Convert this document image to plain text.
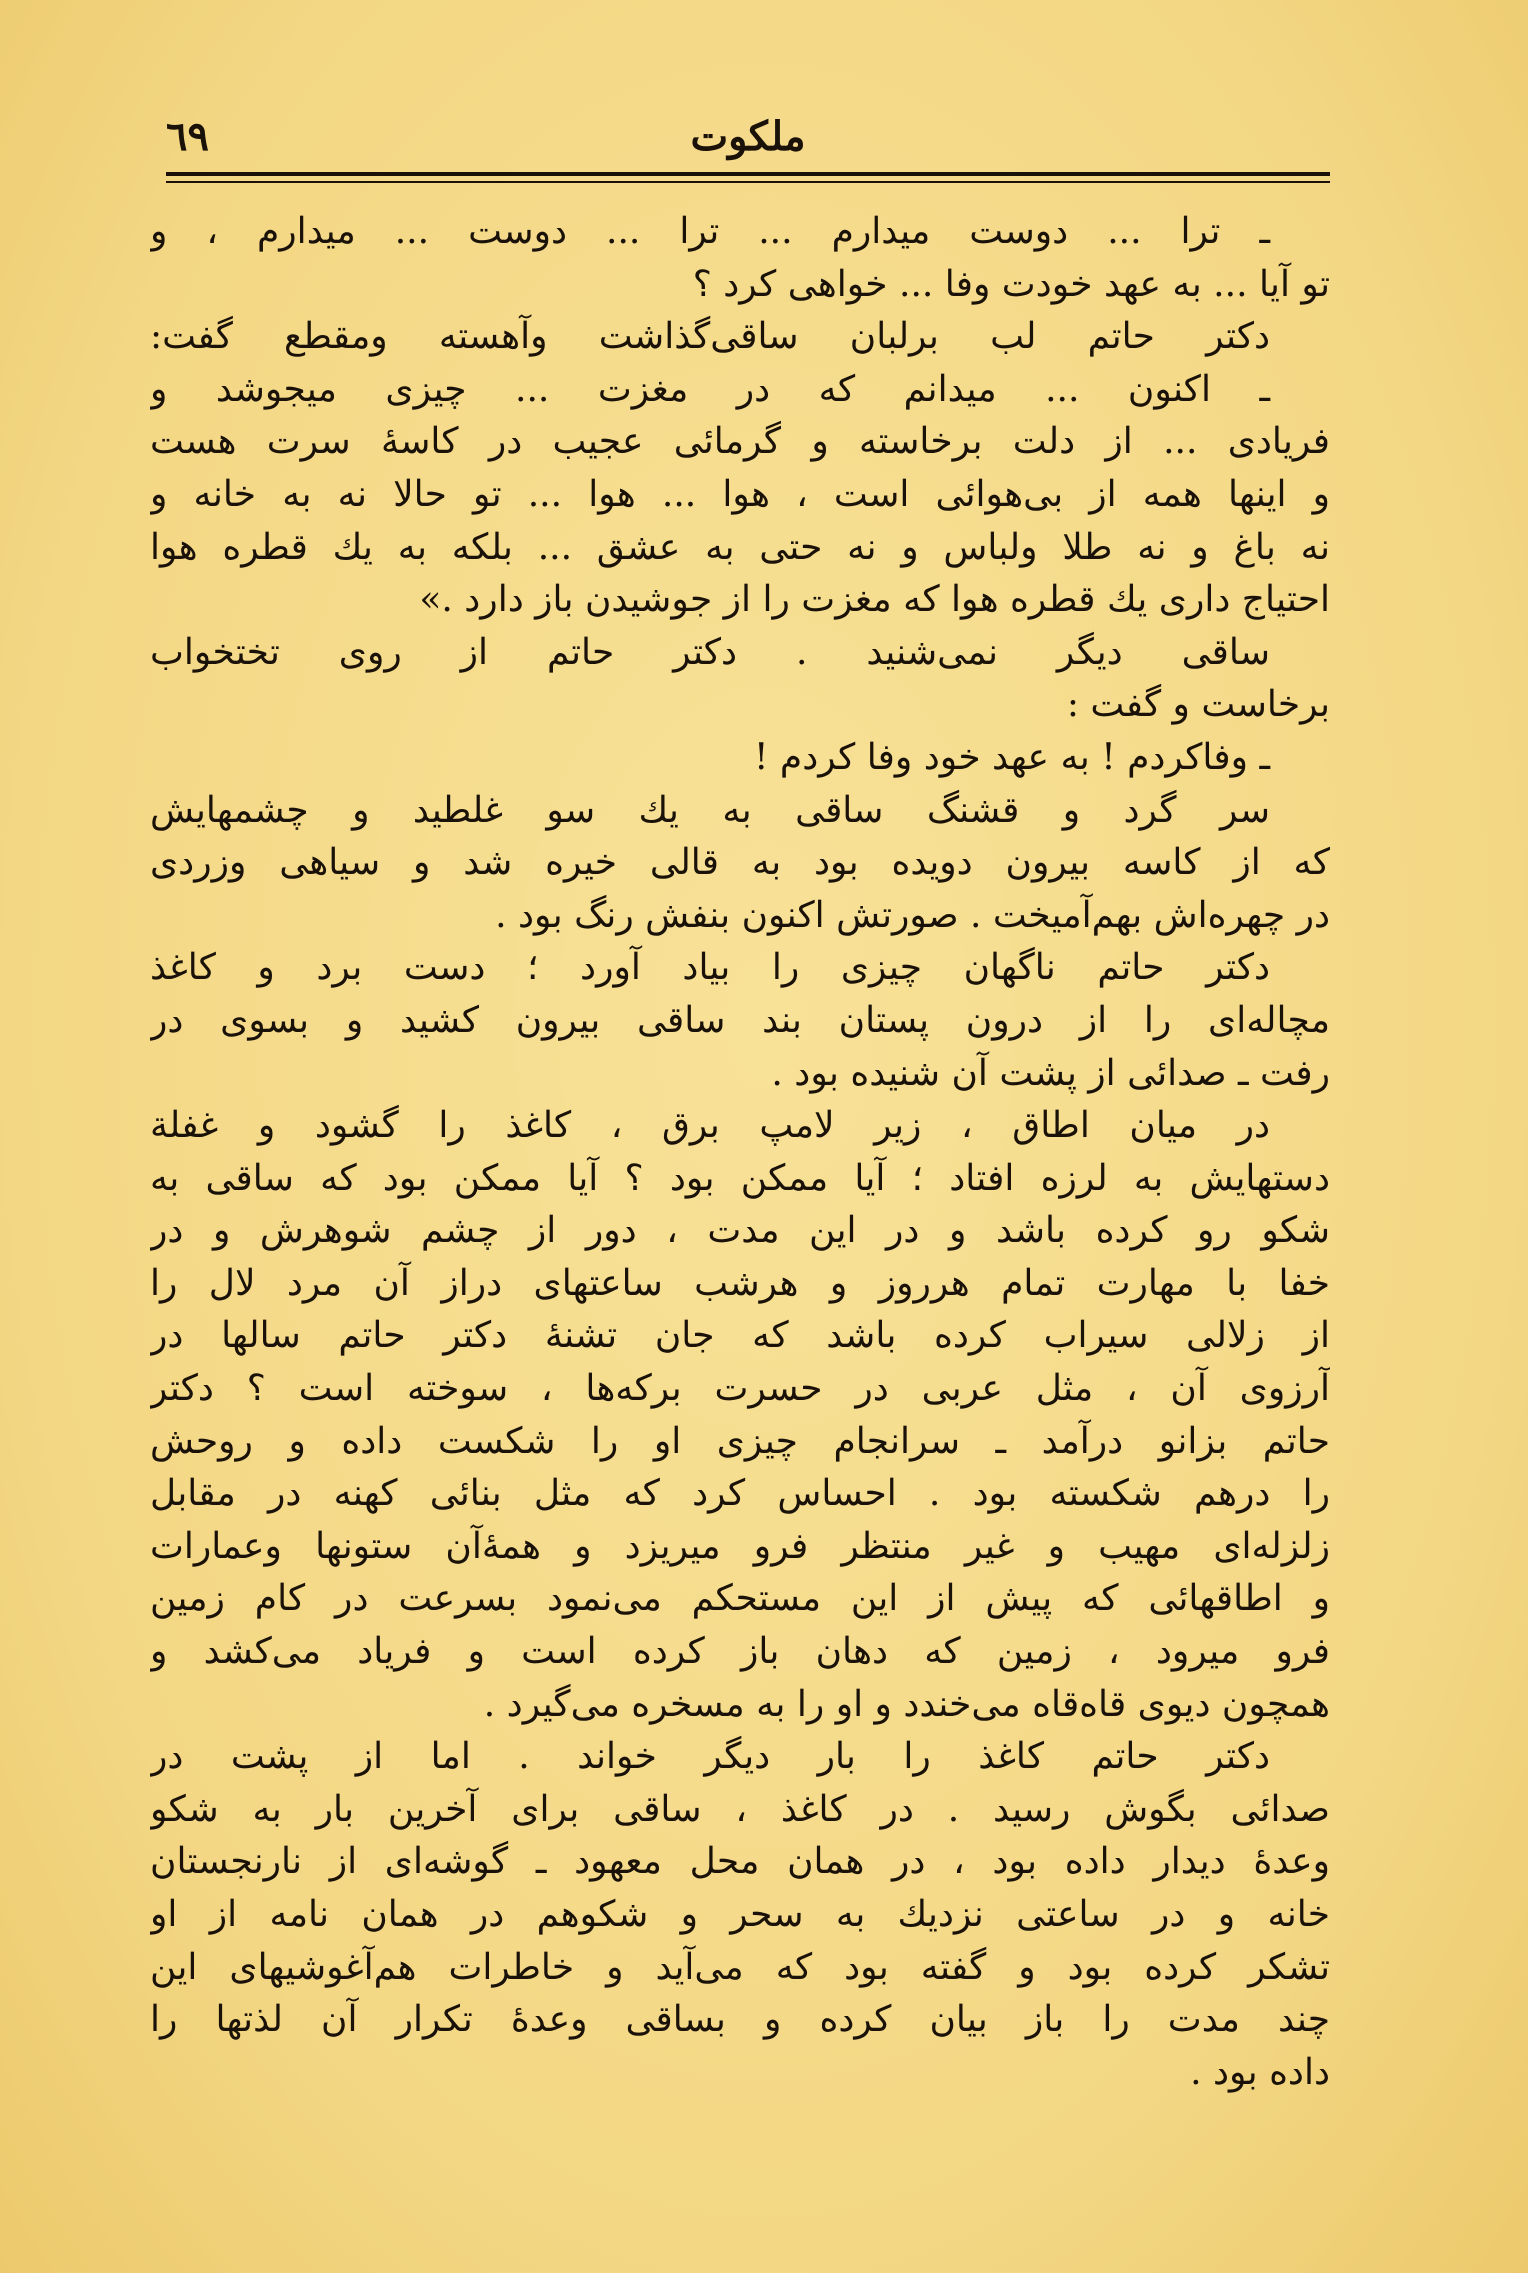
٦٩	ملکوت
ـ ترا ... دوست میدارم ... ترا ... دوست ... میدارم ، و
تو آیا ... به عهد خودت وفا ... خواهی کرد ؟
دکتر حاتم لب برلبان ساقی‌گذاشت وآهسته ومقطع گفت:
ـ اکنون ... میدانم که در مغزت ... چیزی میجوشد و
فریادی ... از دلت برخاسته و گرمائی عجیب در کاسهٔ سرت هست
و اینها همه از بی‌هوائی است ، هوا ... هوا ... تو حالا نه به خانه و
نه باغ و نه طلا ولباس و نه حتی به عشق ... بلکه به یك قطره هوا
احتیاج داری یك قطره هوا که مغزت را از جوشیدن باز دارد .»
ساقی دیگر نمی‌شنید . دکتر حاتم از روی تختخواب
برخاست و گفت :
ـ وفاکردم ! به عهد خود وفا کردم !
سر گرد و قشنگ ساقی به یك سو غلطید و چشمهایش
که از کاسه بیرون دویده بود به قالی خیره شد و سیاهی وزردی
در چهره‌اش بهم‌آمیخت . صورتش اکنون بنفش رنگ بود .
دکتر حاتم ناگهان چیزی را بیاد آورد ؛ دست برد و کاغذ
مچاله‌ای را از درون پستان بند ساقی بیرون کشید و بسوی در
رفت ـ صدائی از پشت آن شنیده بود .
در میان اطاق ، زیر لامپ برق ، کاغذ را گشود و غفلة
دستهایش به لرزه افتاد ؛ آیا ممکن بود ؟ آیا ممکن بود که ساقی به
شکو رو کرده باشد و در این مدت ، دور از چشم شوهرش و در
خفا با مهارت تمام هرروز و هرشب ساعتهای دراز آن مرد لال را
از زلالی سیراب کرده باشد که جان تشنهٔ دکتر حاتم سالها در
آرزوی آن ، مثل عربی در حسرت برکه‌ها ، سوخته است ؟ دکتر
حاتم بزانو درآمد ـ سرانجام چیزی او را شکست داده و روحش
را درهم شکسته بود . احساس کرد که مثل بنائی کهنه در مقابل
زلزله‌ای مهیب و غیر منتظر فرو میریزد و همهٔ‌آن ستونها وعمارات
و اطاقهائی که پیش از این مستحکم می‌نمود بسرعت در کام زمین
فرو میرود ، زمین که دهان باز کرده است و فریاد می‌کشد و
همچون دیوی قاه‌قاه می‌خندد و او را به مسخره می‌گیرد .
دکتر حاتم کاغذ را بار دیگر خواند . اما از پشت در
صدائی بگوش رسید . در کاغذ ، ساقی برای آخرین بار به شکو
وعدهٔ دیدار داده بود ، در همان محل معهود ـ گوشه‌ای از نارنجستان
خانه و در ساعتی نزدیك به سحر و شکوهم در همان نامه از او
تشکر کرده بود و گفته بود که می‌آید و خاطرات هم‌آغوشیهای این
چند مدت را باز بیان کرده و بساقی وعدهٔ تکرار آن لذتها را
داده بود .
